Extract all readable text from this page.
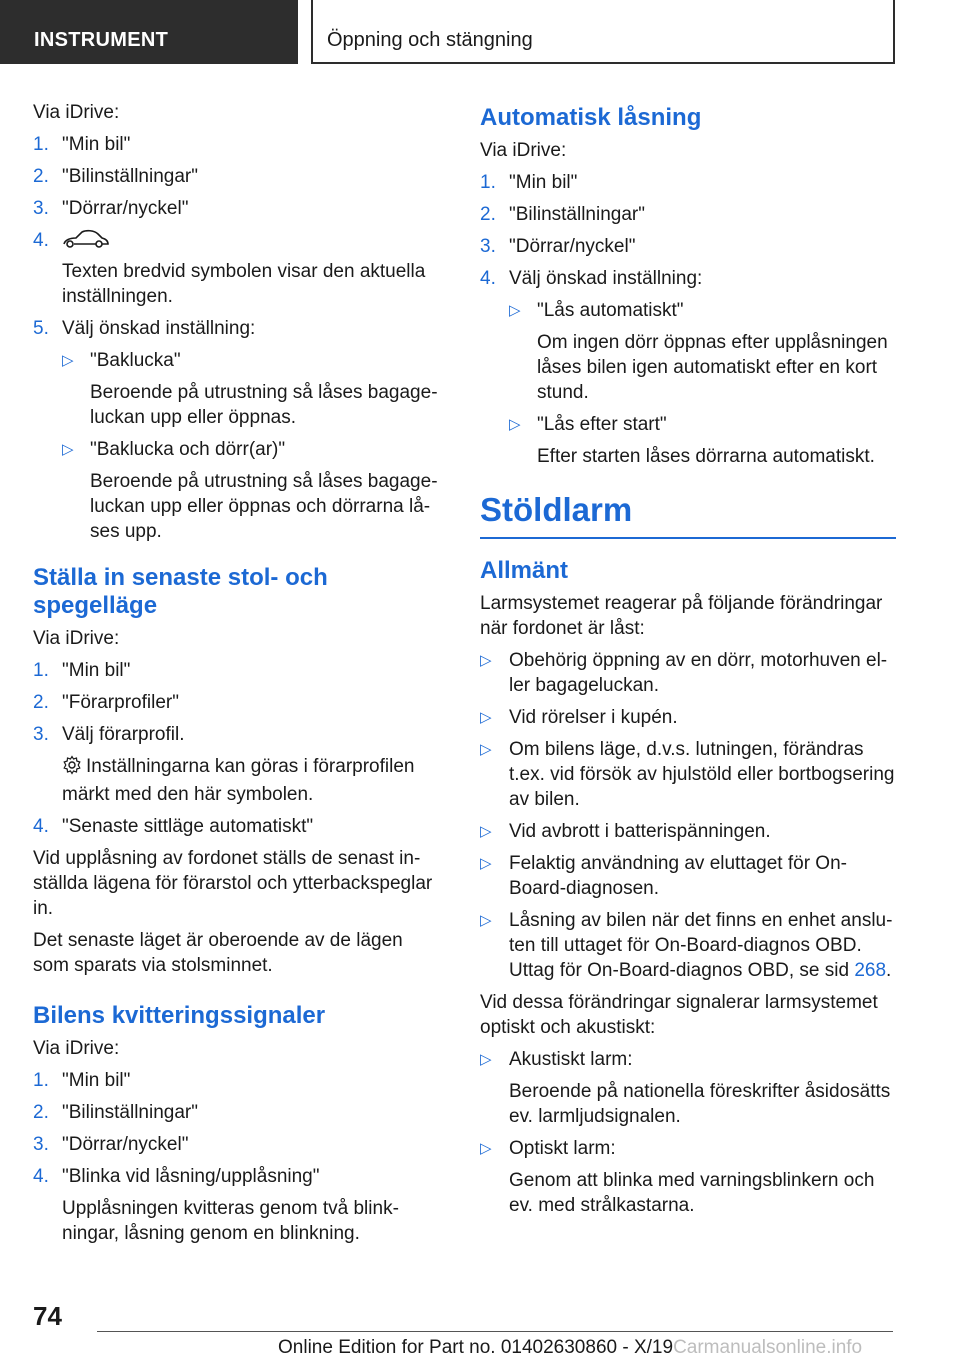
INSTRUMENT	Öppning och stängning

Via iDrive:

1. "Min bil"
2. "Bilinställningar"
3. "Dörrar/nyckel"
4.

Texten bredvid symbolen visar den aktuella inställningen.

5. Välj önskad inställning:
▷ "Baklucka"

Beroende på utrustning så låses bagage-luckan upp eller öppnas.

▷ "Baklucka och dörr(ar)"

Beroende på utrustning så låses bagage-luckan upp eller öppnas och dörrarna lå-ses upp.

Ställa in senaste stol- och spegelläge

Via iDrive:

1. "Min bil"
2. "Förarprofiler"
3. Välj förarprofil.

Inställningarna kan göras i förarprofilen märkt med den här symbolen.

4. "Senaste sittläge automatiskt"

Vid upplåsning av fordonet ställs de senast in-ställda lägena för förarstol och ytterbackspeglar in.

Det senaste läget är oberoende av de lägen som sparats via stolsminnet.

Bilens kvitteringssignaler

Via iDrive:

1. "Min bil"
2. "Bilinställningar"
3. "Dörrar/nyckel"
4. "Blinka vid låsning/upplåsning"

Upplåsningen kvitteras genom två blink-ningar, låsning genom en blinkning.

Automatisk låsning

Via iDrive:

1. "Min bil"
2. "Bilinställningar"
3. "Dörrar/nyckel"
4. Välj önskad inställning:
▷ "Lås automatiskt"

Om ingen dörr öppnas efter upplåsningen låses bilen igen automatiskt efter en kort stund.

▷ "Lås efter start"

Efter starten låses dörrarna automatiskt.

Stöldlarm
Allmänt

Larmsystemet reagerar på följande förändringar när fordonet är låst:

▷ Obehörig öppning av en dörr, motorhuven el-ler bagageluckan.
▷ Vid rörelser i kupén.
▷ Om bilens läge, d.v.s. lutningen, förändras t.ex. vid försök av hjulstöld eller bortbogsering av bilen.
▷ Vid avbrott i batterispänningen.
▷ Felaktig användning av eluttaget för On-Board-diagnosen.
▷ Låsning av bilen när det finns en enhet anslu-ten till uttaget för On-Board-diagnos OBD. Uttag för On-Board-diagnos OBD, se sid 268.

Vid dessa förändringar signalerar larmsystemet optiskt och akustiskt:

▷ Akustiskt larm:

Beroende på nationella föreskrifter åsidosätts ev. larmljudsignalen.

▷ Optiskt larm:

Genom att blinka med varningsblinkern och ev. med strålkastarna.

74
Online Edition for Part no. 01402630860 - X/19Carmanualsonline.info
